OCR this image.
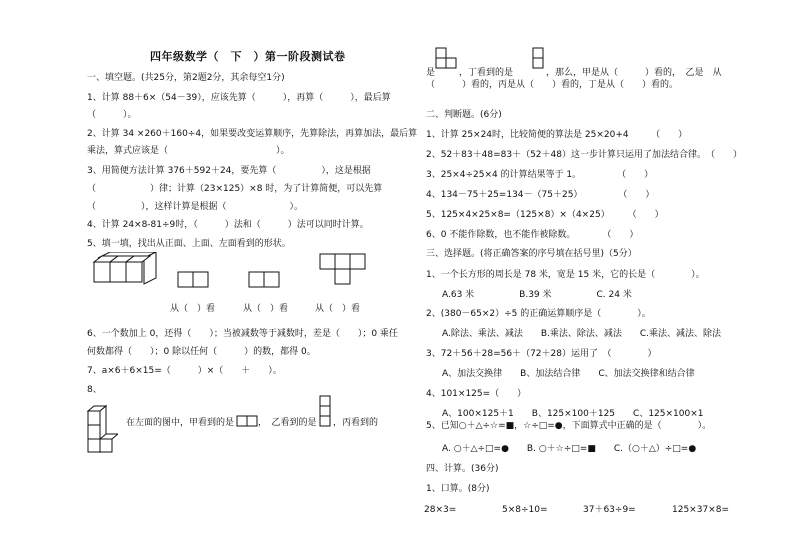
四年级数学（　下　）第一阶段测试卷
一、填空题。(共25分，第2题2分，其余每空1分)
1、计算 88＋6×（54－39），应该先算（　　　），再算（　　　），最后算
（　　　）。
2、计算 34 ×260＋160÷4，如果要改变运算顺序，先算除法，再算加法，最后算
乘法，算式应该是（　　　　　　　　　　　　）。
3、用简便方法计算 376＋592＋24，要先算（　　　　　），这是根据
（　　　　　　）律；计算（23×125）×8 时，为了计算简便，可以先算
（　　　　　），这样计算是根据（　　　　　　　）。
4、计算 24×8-81÷9时，（　　　）法和（　　　）法可以同时计算。
5、填一填，找出从正面、上面、左面看到的形状。
从（　）看	从（　）看	从（　）看
6、一个数加上 0，还得（　　）；当被减数等于减数时，差是（　　）；0 乘任
何数都得（　　）；0 除以任何（　　　）的数，都得 0。
7、a×6＋6×15=（　　　）×（　　＋　　）。
8、
在左面的图中，甲看到的是	，　乙看到的是 ，丙看到的
是	，丁看到的是	，那么，甲是从（　　　）看的，　乙是　从
（　　　）看的，丙是从（　　）看的，丁是从（　　）看的。
二、判断题。(6分)
1、计算 25×24时，比较简便的算法是 25×20+4　　　（　　）
2、52＋83＋48=83＋（52＋48）这一步计算只运用了加法结合律。　（　　）
3、25×4÷25×4 的计算结果等于 1。　　　　　（　　）
4、134－75＋25=134－（75＋25）　　　　　（　　）
5、125×4×25×8=（125×8）×（4×25）　　　（　　）
6、0 不能作除数，也不能作被除数。　　　　（　　）
三、选择题。(将正确答案的序号填在括号里)（5分）
1、一个长方形的周长是 78 米，宽是 15 米，它的长是（　　　　）。
A.63 米　　　　　B.39 米　　　　　C. 24 米
2、(380－65×2）÷5 的正确运算顺序是（　　　　）。
A.除法、乘法、减法　　B.乘法、除法、减法　　C.乘法、减法、除法
3、72＋56＋28=56＋（72＋28）运用了　（　　　　）
A、加法交换律　　B、加法结合律　　C、加法交换律和结合律
4、101×125=（　　）
A、100×125＋1　　B、125×100＋125　　C、125×100×1
5、已知○＋△÷☆=■，☆÷□=●，下面算式中正确的是（　　　　）。
A. ○＋△÷□=●　　B. ○＋☆÷□=■　　C.（○＋△）÷□=●
四、计算。(36分)
1、口算。(8分)
28×3=	5×8÷10=	37＋63÷9=	125×37×8=
